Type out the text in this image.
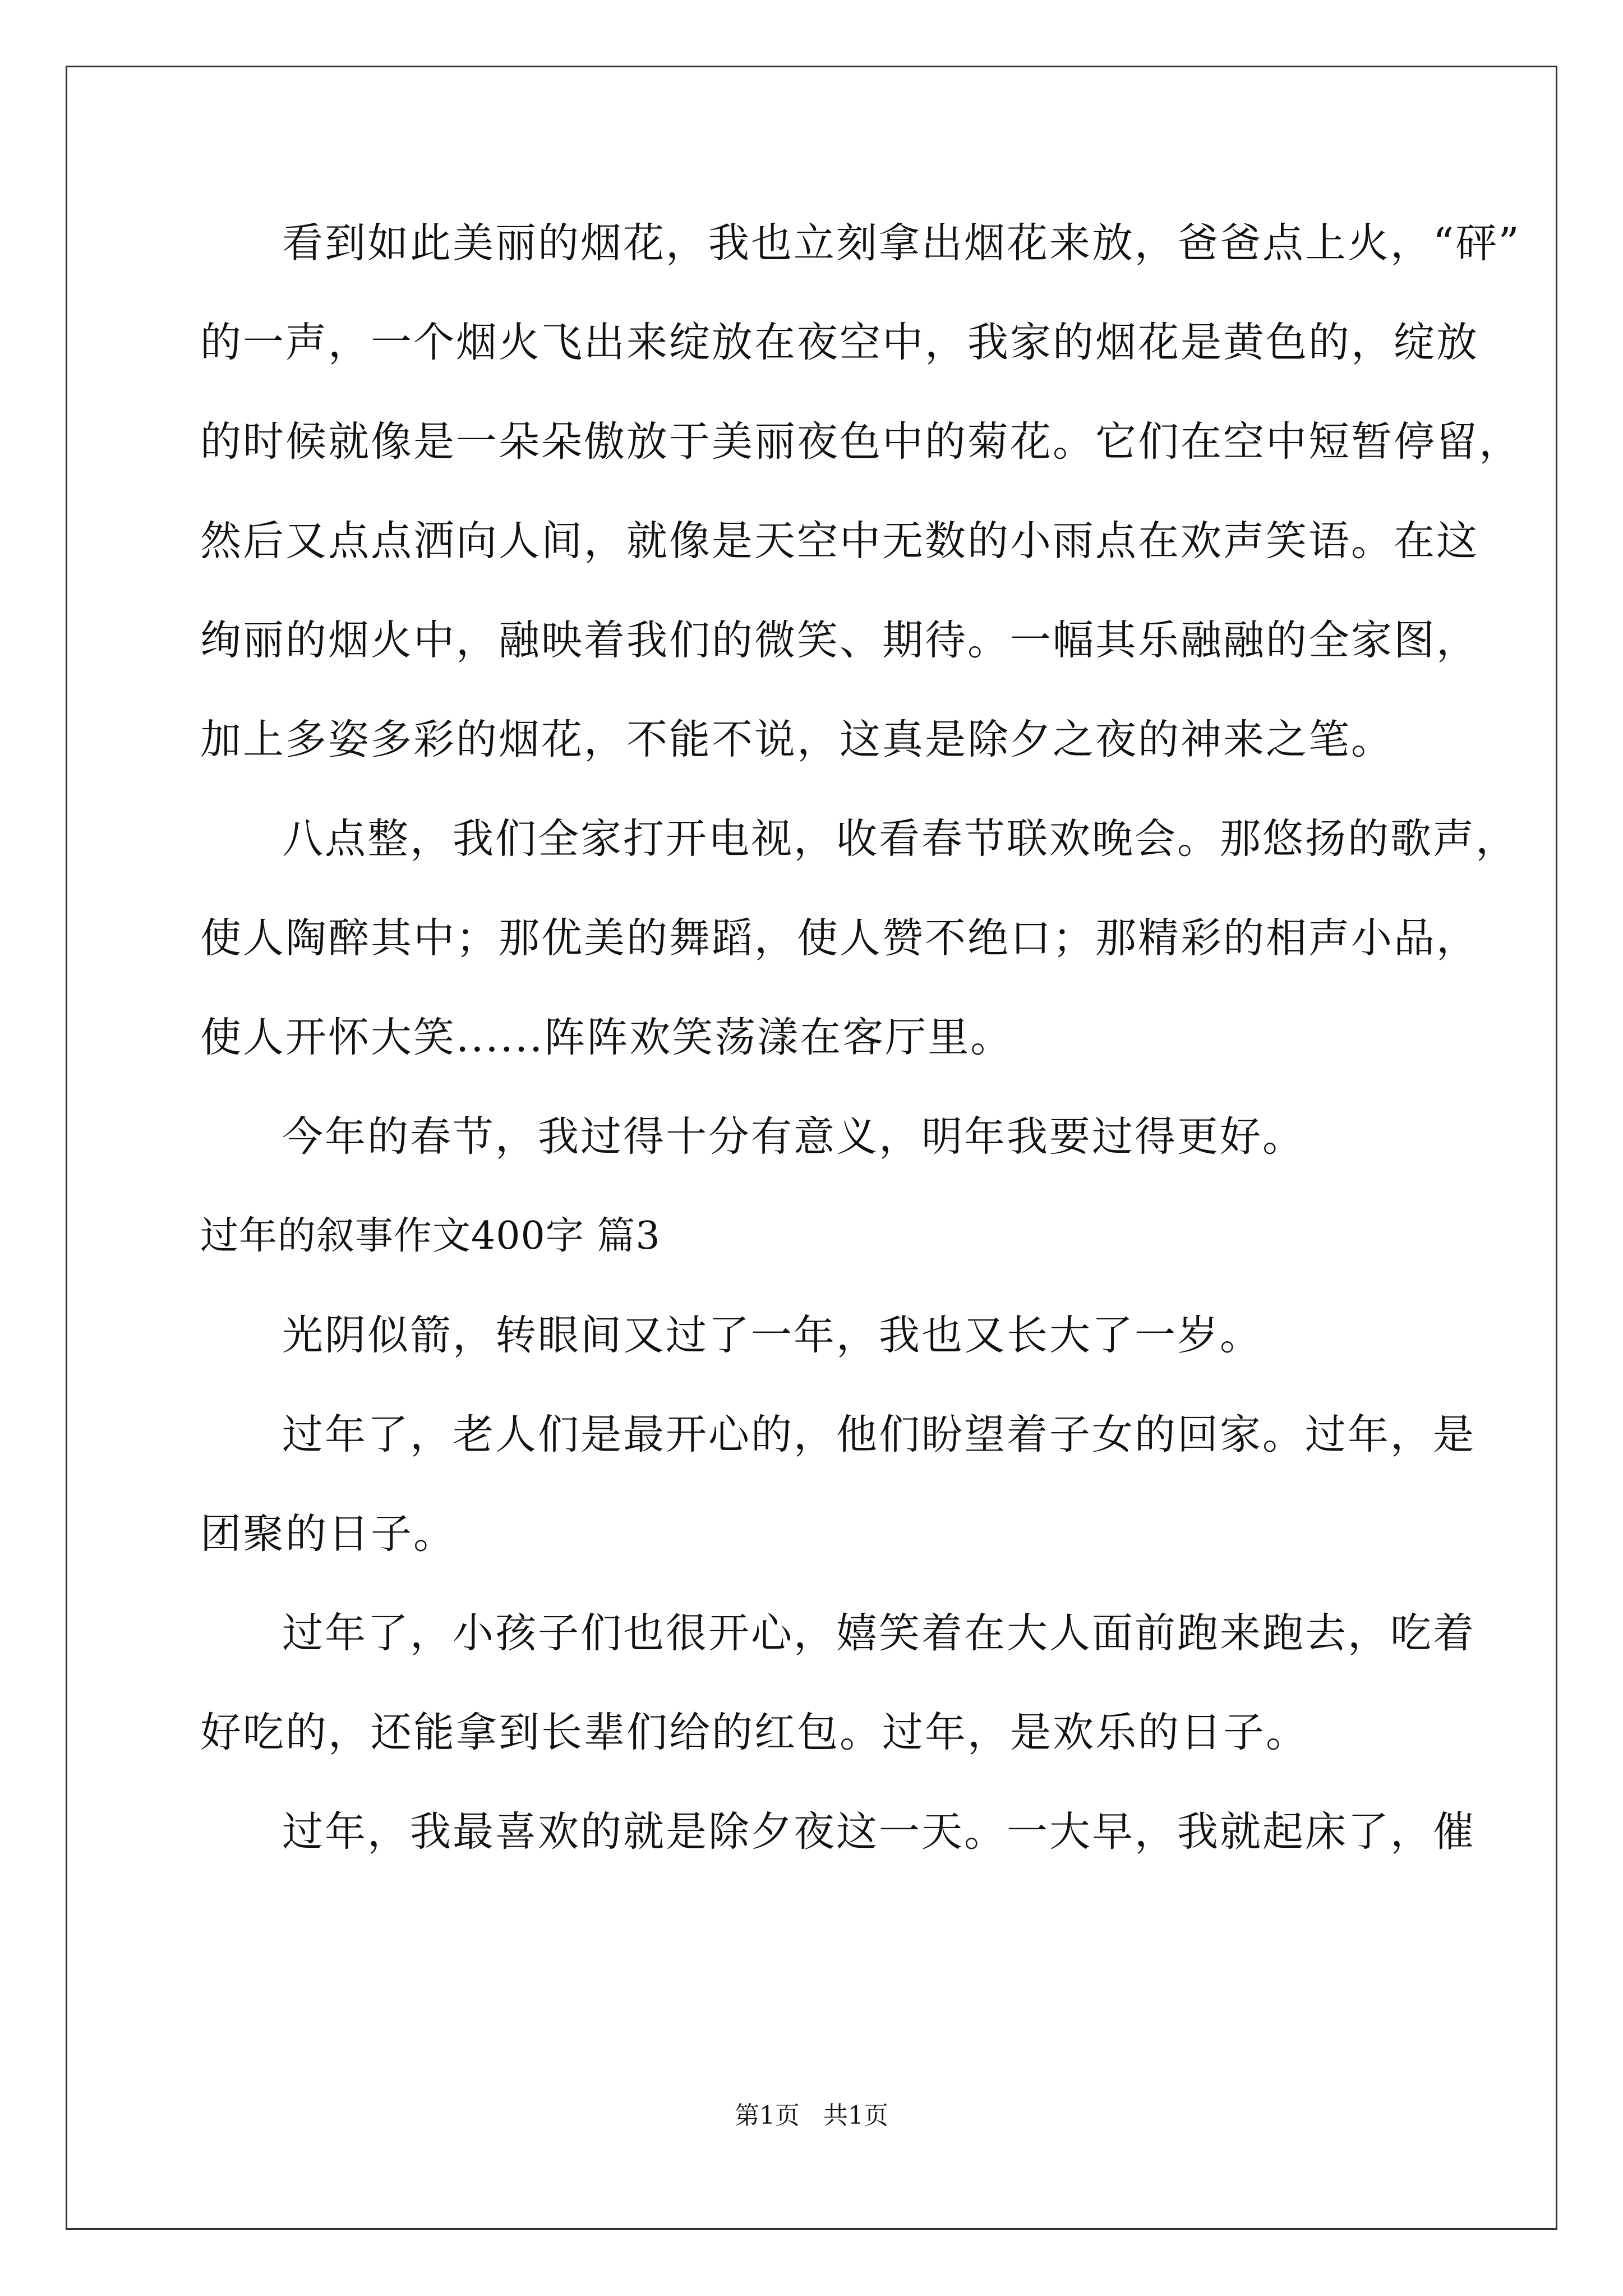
看到如此美丽的烟花，我也立刻拿出烟花来放，爸爸点上火，“砰”
的一声，一个烟火飞出来绽放在夜空中，我家的烟花是黄色的，绽放
的时候就像是一朵朵傲放于美丽夜色中的菊花。它们在空中短暂停留，
然后又点点洒向人间，就像是天空中无数的小雨点在欢声笑语。在这
绚丽的烟火中，融映着我们的微笑、期待。一幅其乐融融的全家图，
加上多姿多彩的烟花，不能不说，这真是除夕之夜的神来之笔。
八点整，我们全家打开电视，收看春节联欢晚会。那悠扬的歌声，
使人陶醉其中；那优美的舞蹈，使人赞不绝口；那精彩的相声小品，
使人开怀大笑......阵阵欢笑荡漾在客厅里。
今年的春节，我过得十分有意义，明年我要过得更好。
过年的叙事作文400字 篇3
光阴似箭，转眼间又过了一年，我也又长大了一岁。
过年了，老人们是最开心的，他们盼望着子女的回家。过年，是
团聚的日子。
过年了，小孩子们也很开心，嬉笑着在大人面前跑来跑去，吃着
好吃的，还能拿到长辈们给的红包。过年，是欢乐的日子。
过年，我最喜欢的就是除夕夜这一天。一大早，我就起床了，催
第1页   共1页
